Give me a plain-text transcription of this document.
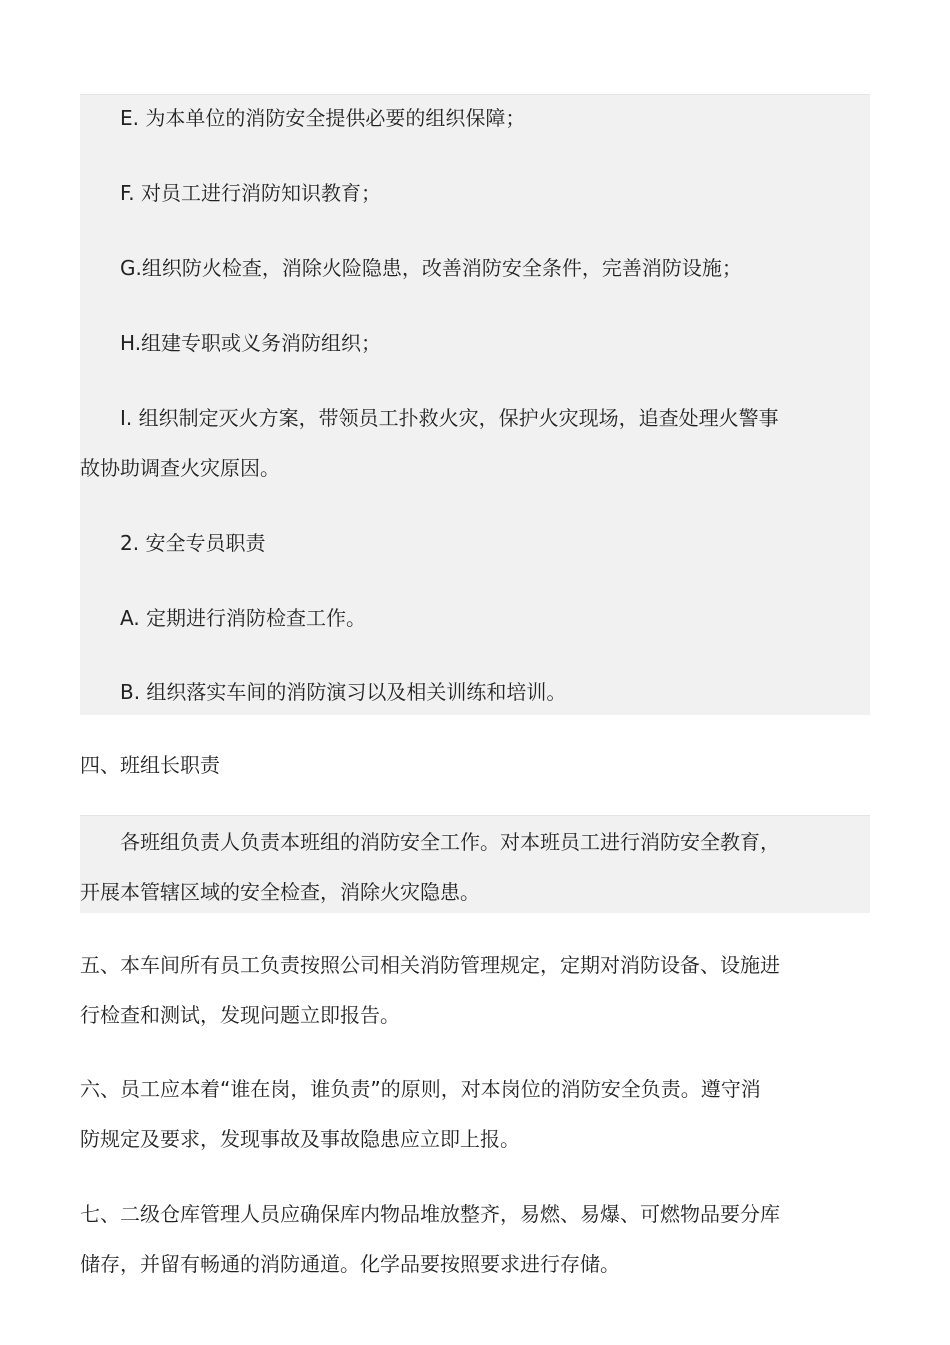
E. 为本单位的消防安全提供必要的组织保障；
F. 对员工进行消防知识教育；
G.组织防火检查，消除火险隐患，改善消防安全条件，完善消防设施；
H.组建专职或义务消防组织；
I. 组织制定灭火方案，带领员工扑救火灾，保护火灾现场，追查处理火警事
故协助调查火灾原因。
2. 安全专员职责
A. 定期进行消防检查工作。
B. 组织落实车间的消防演习以及相关训练和培训。
四、班组长职责
各班组负责人负责本班组的消防安全工作。对本班员工进行消防安全教育，
开展本管辖区域的安全检查，消除火灾隐患。
五、本车间所有员工负责按照公司相关消防管理规定，定期对消防设备、设施进
行检查和测试，发现问题立即报告。
六、员工应本着“谁在岗，谁负责”的原则，对本岗位的消防安全负责。遵守消
防规定及要求，发现事故及事故隐患应立即上报。
七、二级仓库管理人员应确保库内物品堆放整齐，易燃、易爆、可燃物品要分库
储存，并留有畅通的消防通道。化学品要按照要求进行存储。
